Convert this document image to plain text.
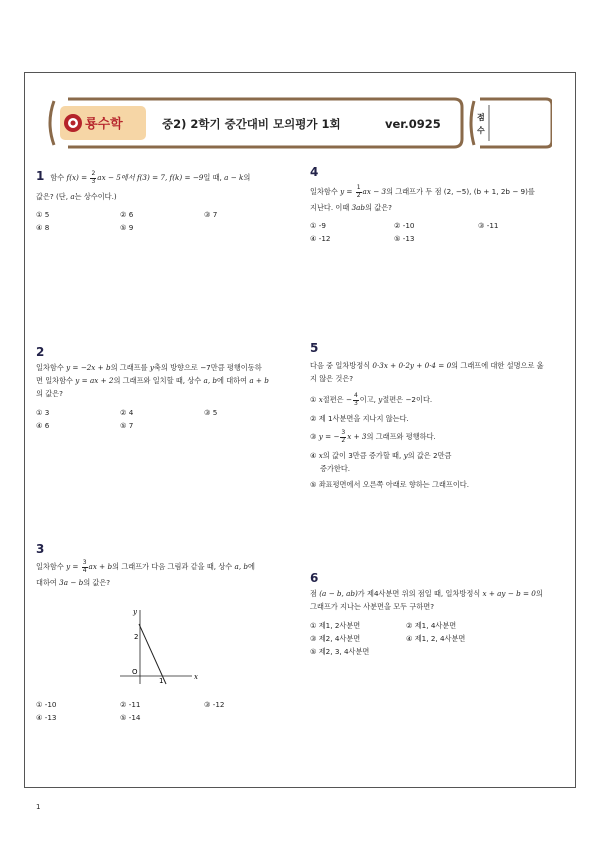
룡수학	중2) 2학기 중간대비 모의평가 1회	ver.0925	점
수
1 함수 $f(x) = \frac{2}{3}$ ax − 5에서 f(3) = 7, f(k) = −9일 때, a − k의
값은? (단, a는 상수이다.)
① 5	② 6	③ 7
④ 8	⑤ 9
4
일차함수 $y = \frac{1}{2}$ ax − 3의 그래프가 두 점 (2, −5), (b + 1, 2b − 9)를
지난다. 이때 3ab의 값은?
① -9	② -10	③ -11
④ -12	⑤ -13
2
일차함수 y = −2x + b의 그래프를 y축의 방향으로 −7만큼 평행이동하
면 일차함수 y = ax + 2의 그래프와 일치할 때, 상수 a, b에 대하여 a + b
의 값은?
① 3	② 4	③ 5
④ 6	⑤ 7
5
다음 중 일차방정식 0·3x + 0·2y + 0·4 = 0의 그래프에 대한 설명으로 옳
지 않은 것은?
① x절편은 − $\frac{4}{3}$ 이고, y절편은 −2이다.
② 제 1사분면을 지나지 않는다.
③ y = − $\frac{3}{2}$ x + 3의 그래프와 평행하다.
④ x의 값이 3만큼 증가할 때, y의 값은 2만큼
증가한다.
⑤ 좌표평면에서 오른쪽 아래로 향하는 그래프이다.
3
일차함수 $y = \frac{3}{4}$ ax + b의 그래프가 다음 그림과 같을 때, 상수 a, b에
대하여 3a − b의 값은?
x
y
O
2
1
① -10	② -11	③ -12
④ -13	⑤ -14
6
점 (a − b, ab)가 제4사분면 위의 점일 때, 일차방정식 x + ay − b = 0의
그래프가 지나는 사분면을 모두 구하면?
① 제1, 2사분면	② 제1, 4사분면
③ 제2, 4사분면	④ 제1, 2, 4사분면
⑤ 제2, 3, 4사분면
1
